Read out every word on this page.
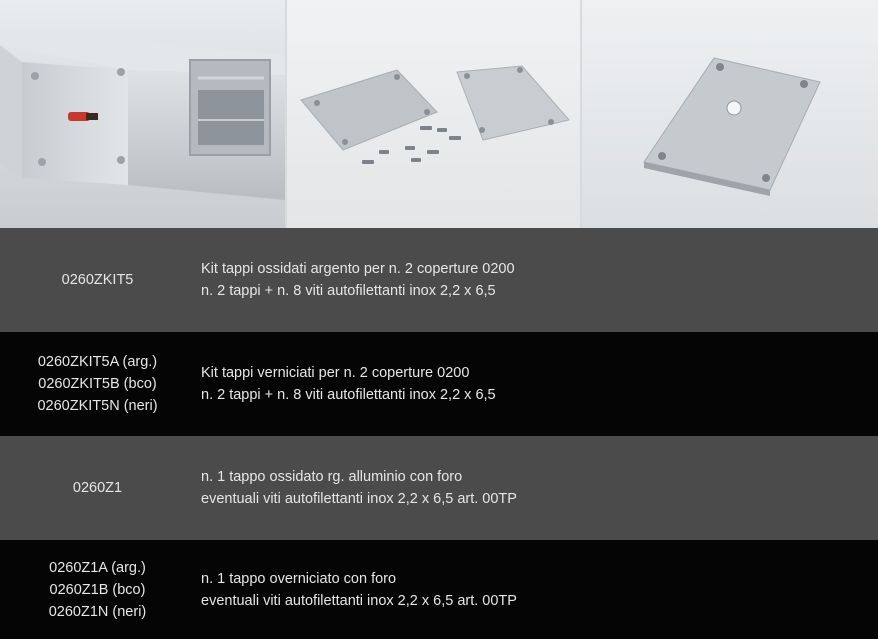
0260ZKIT5
Kit tappi ossidati argento per n. 2 coperture 0200
n. 2 tappi + n. 8 viti autofilettanti inox 2,2 x 6,5
0260ZKIT5A (arg.)
0260ZKIT5B (bco)
0260ZKIT5N (neri)
Kit tappi verniciati per n. 2 coperture 0200
n. 2 tappi + n. 8 viti autofilettanti inox 2,2 x 6,5
0260Z1
n. 1 tappo ossidato rg. alluminio con foro
eventuali viti autofilettanti inox 2,2 x 6,5 art. 00TP
0260Z1A (arg.)
0260Z1B (bco)
0260Z1N (neri)
n. 1 tappo overniciato con foro
eventuali viti autofilettanti inox 2,2 x 6,5 art. 00TP
